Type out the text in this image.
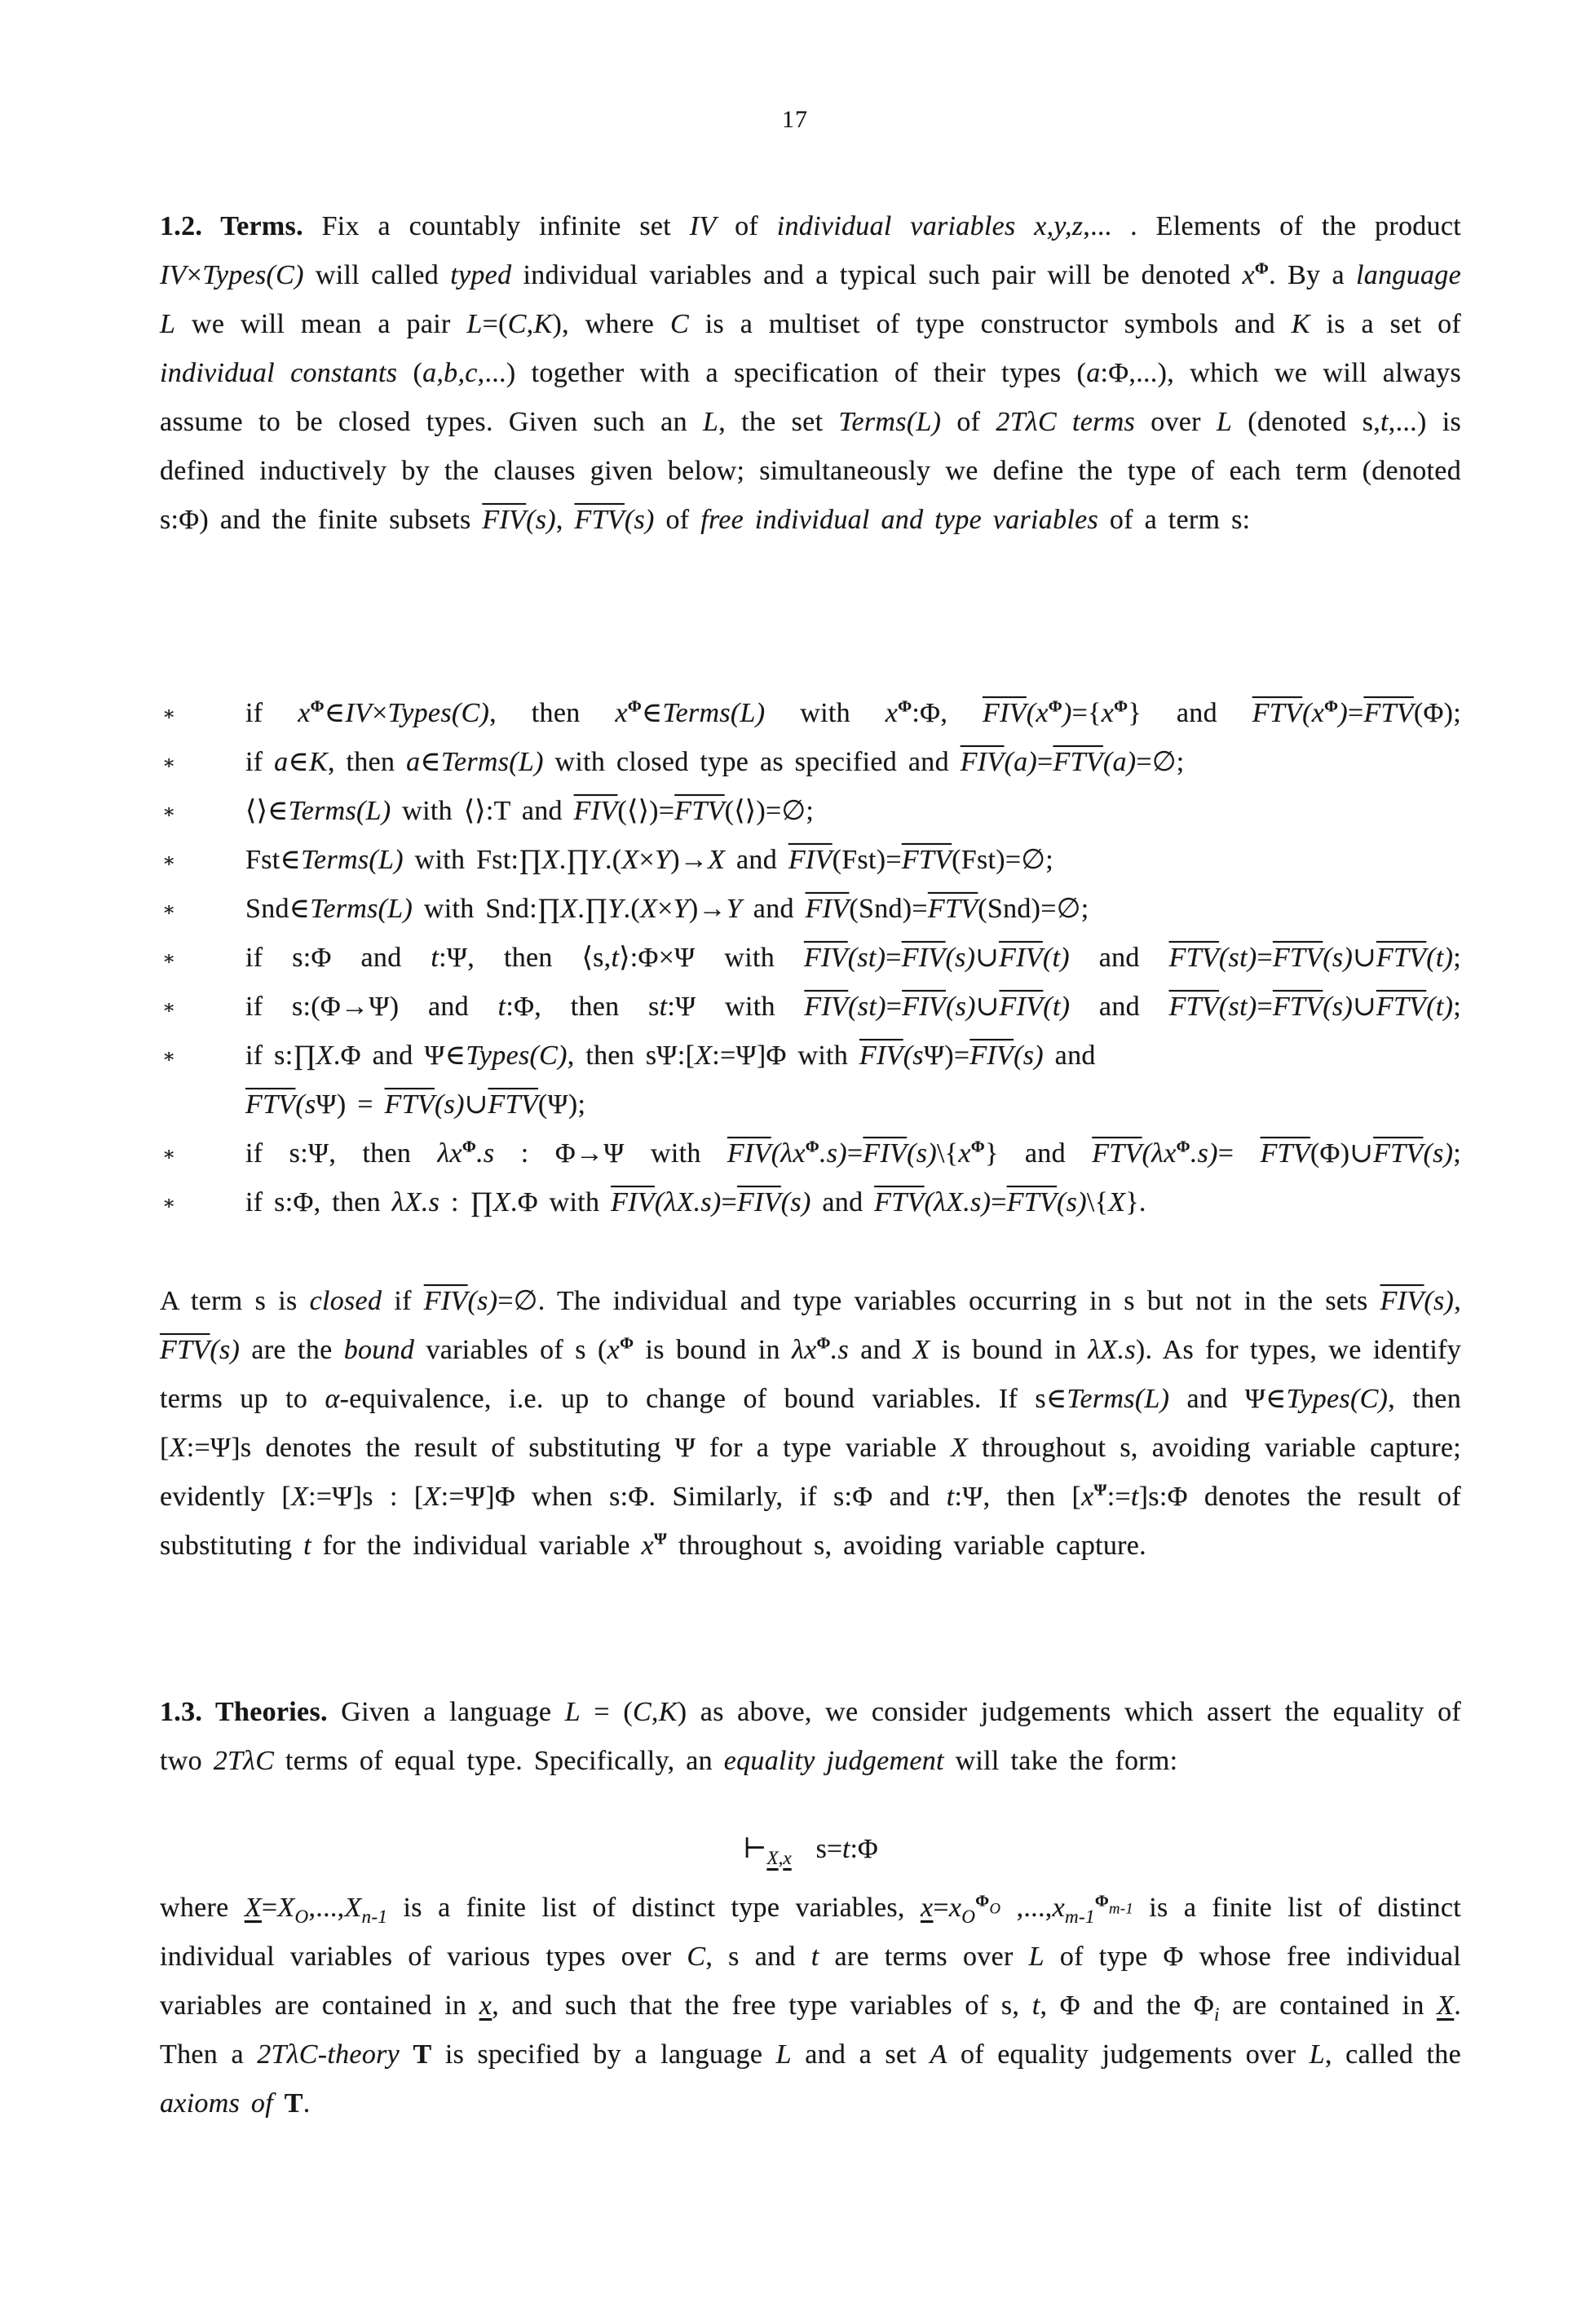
17

1.2. Terms. Fix a countably infinite set IV of individual variables x,y,z,... . Elements of the product IV×Types(C) will called typed individual variables and a typical such pair will be denoted $x^\Phi$. By a language L we will mean a pair L=(C,K), where C is a multiset of type constructor symbols and K is a set of individual constants (a,b,c,...) together with a specification of their types (a:Φ,...), which we will always assume to be closed types. Given such an L, the set Terms(L) of 2TλC terms over L (denoted s,t,...) is defined inductively by the clauses given below; simultaneously we define the type of each term (denoted s:Φ) and the finite subsets $\overline{FIV}(s)$, $\overline{FTV}(s)$ of free individual and type variables of a term s:

∗	if $x^\Phi\in IV\times Types(C)$, then $x^\Phi\in Terms(L)$ with $x^\Phi:\Phi$, $\overline{FIV}(x^\Phi)=\{x^\Phi\}$ and $\overline{FTV}(x^\Phi)=\overline{FTV}(\Phi)$;
∗	if a∈K, then a∈Terms(L) with closed type as specified and $\overline{FIV}(a)=\overline{FTV}(a)=\emptyset$;
∗	⟨⟩∈Terms(L) with ⟨⟩:T and $\overline{FIV}(⟨⟩)=\overline{FTV}(⟨⟩)=\emptyset$;
∗	Fst∈Terms(L) with Fst:∏X.∏Y.(X×Y)→X and $\overline{FIV}(Fst)=\overline{FTV}(Fst)=\emptyset$;
∗	Snd∈Terms(L) with Snd:∏X.∏Y.(X×Y)→Y and $\overline{FIV}(Snd)=\overline{FTV}(Snd)=\emptyset$;
∗	if s:Φ and t:Ψ, then ⟨s,t⟩:Φ×Ψ with $\overline{FIV}(st)=\overline{FIV}(s)\cup\overline{FIV}(t)$ and $\overline{FTV}(st)=\overline{FTV}(s)\cup\overline{FTV}(t)$;
∗	if s:(Φ→Ψ) and t:Φ, then st:Ψ with $\overline{FIV}(st)=\overline{FIV}(s)\cup\overline{FIV}(t)$ and $\overline{FTV}(st)=\overline{FTV}(s)\cup\overline{FTV}(t)$;
∗	if s:∏X.Φ and Ψ∈Types(C), then sΨ:[X:=Ψ]Φ with $\overline{FIV}(s\Psi)=\overline{FIV}(s)$ and
$\overline{FTV}(s\Psi)$ = $\overline{FTV}(s)\cup\overline{FTV}(\Psi)$;
∗	if s:Ψ, then $\lambda x^\Phi.s$ : Φ→Ψ with $\overline{FIV}(\lambda x^\Phi.s)=\overline{FIV}(s)\backslash\{x^\Phi\}$ and $\overline{FTV}(\lambda x^\Phi.s)=$ $\overline{FTV}(\Phi)\cup\overline{FTV}(s)$;
∗	if s:Φ, then λX.s : ∏X.Φ with $\overline{FIV}(\lambda X.s)=\overline{FIV}(s)$ and $\overline{FTV}(\lambda X.s)=\overline{FTV}(s)\backslash\{X\}$.

A term s is closed if $\overline{FIV}(s)=\emptyset$. The individual and type variables occurring in s but not in the sets $\overline{FIV}(s)$, $\overline{FTV}(s)$ are the bound variables of s ($x^\Phi$ is bound in $\lambda x^\Phi.s$ and X is bound in λX.s). As for types, we identify terms up to α-equivalence, i.e. up to change of bound variables. If s∈Terms(L) and Ψ∈Types(C), then [X:=Ψ]s denotes the result of substituting Ψ for a type variable X throughout s, avoiding variable capture; evidently [X:=Ψ]s : [X:=Ψ]Φ when s:Φ. Similarly, if s:Φ and t:Ψ, then $[x^\Psi:=t]s:\Phi$ denotes the result of substituting t for the individual variable $x^\Psi$ throughout s, avoiding variable capture.

1.3. Theories. Given a language L = (C,K) as above, we consider judgements which assert the equality of two 2TλC terms of equal type. Specifically, an equality judgement will take the form:

$⊢_{X,x}$ s=t:Φ

where $X=X_O,...,X_{n-1}$ is a finite list of distinct type variables, $x=x_O^\Phi O$ $,...,x_{m-1}^\Phi m-1$ is a finite list of distinct individual variables of various types over C, s and t are terms over L of type Φ whose free individual variables are contained in x, and such that the free type variables of s, t, Φ and the $\Phi_i$ are contained in X. Then a 2TλC-theory T is specified by a language L and a set A of equality judgements over L, called the axioms of T.
